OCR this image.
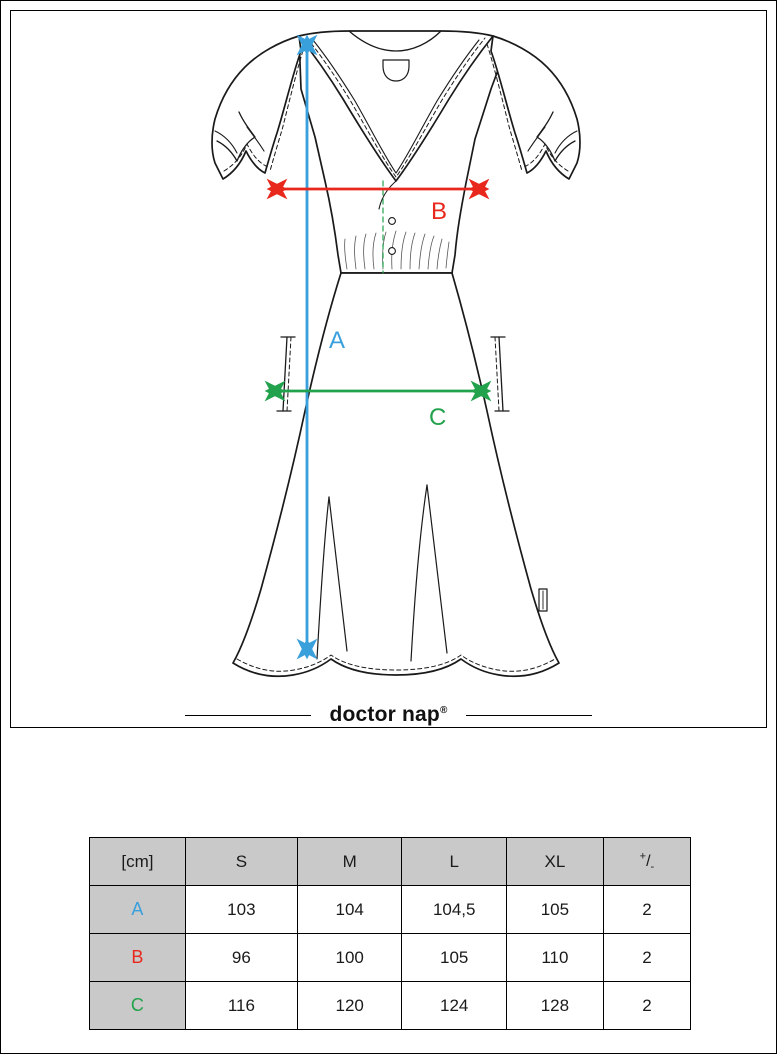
A
B
C
doctor nap®
[cm]	S	M	L	XL	$^+/_-$
A	103	104	104,5	105	2
B	96	100	105	110	2
C	116	120	124	128	2
